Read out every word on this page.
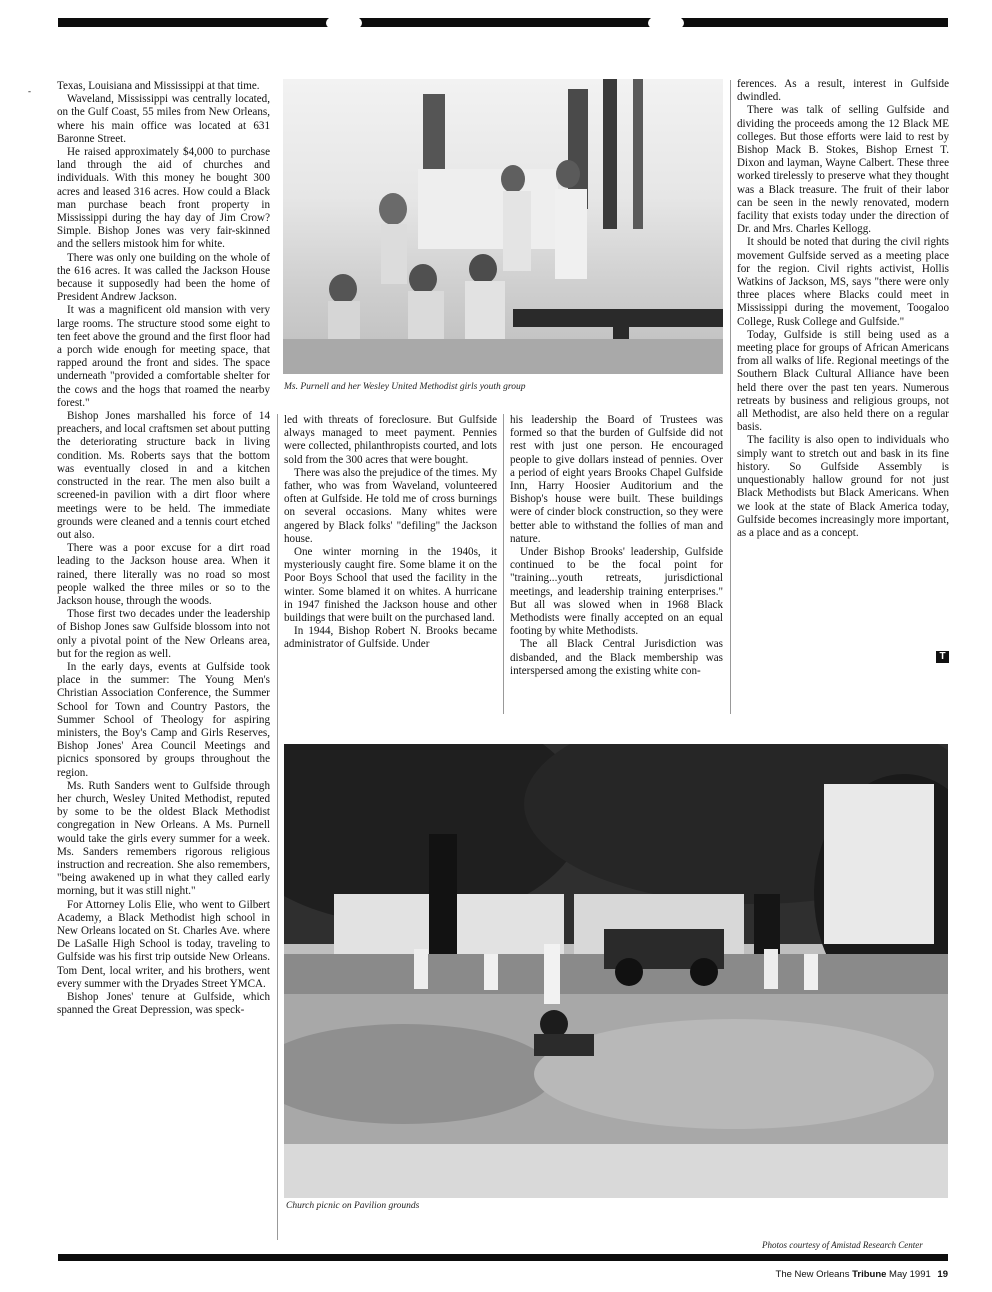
- Texas, Louisiana and Mississippi at that time.

Waveland, Mississippi was centrally located, on the Gulf Coast, 55 miles from New Orleans, where his main office was located at 631 Baronne Street.

He raised approximately $4,000 to purchase land through the aid of churches and individuals. With this money he bought 300 acres and leased 316 acres. How could a Black man purchase beach front property in Mississippi during the hay day of Jim Crow? Simple. Bishop Jones was very fair-skinned and the sellers mistook him for white.

There was only one building on the whole of the 616 acres. It was called the Jackson House because it supposedly had been the home of President Andrew Jackson.

It was a magnificent old mansion with very large rooms. The structure stood some eight to ten feet above the ground and the first floor had a porch wide enough for meeting space, that rapped around the front and sides. The space underneath "provided a comfortable shelter for the cows and the hogs that roamed the nearby forest."

Bishop Jones marshalled his force of 14 preachers, and local craftsmen set about putting the deteriorating structure back in living condition. Ms. Roberts says that the bottom was eventually closed in and a kitchen constructed in the rear. The men also built a screened-in pavilion with a dirt floor where meetings were to be held. The immediate grounds were cleaned and a tennis court etched out also.

There was a poor excuse for a dirt road leading to the Jackson house area. When it rained, there literally was no road so most people walked the three miles or so to the Jackson house, through the woods.

Those first two decades under the leadership of Bishop Jones saw Gulfside blossom into not only a pivotal point of the New Orleans area, but for the region as well.

In the early days, events at Gulfside took place in the summer: The Young Men's Christian Association Conference, the Summer School for Town and Country Pastors, the Summer School of Theology for aspiring ministers, the Boy's Camp and Girls Reserves, Bishop Jones' Area Council Meetings and picnics sponsored by groups throughout the region.

Ms. Ruth Sanders went to Gulfside through her church, Wesley United Methodist, reputed by some to be the oldest Black Methodist congregation in New Orleans. A Ms. Purnell would take the girls every summer for a week. Ms. Sanders remembers rigorous religious instruction and recreation. She also remembers, "being awakened up in what they called early morning, but it was still night."

For Attorney Lolis Elie, who went to Gilbert Academy, a Black Methodist high school in New Orleans located on St. Charles Ave. where De LaSalle High School is today, traveling to Gulfside was his first trip outside New Orleans. Tom Dent, local writer, and his brothers, went every summer with the Dryades Street YMCA.

Bishop Jones' tenure at Gulfside, which spanned the Great Depression, was speck-

Ms. Purnell and her Wesley United Methodist girls youth group

led with threats of foreclosure. But Gulfside always managed to meet payment. Pennies were collected, philanthropists courted, and lots sold from the 300 acres that were bought.

There was also the prejudice of the times. My father, who was from Waveland, volunteered often at Gulfside. He told me of cross burnings on several occasions. Many whites were angered by Black folks' "defiling" the Jackson house.

One winter morning in the 1940s, it mysteriously caught fire. Some blame it on the Poor Boys School that used the facility in the winter. Some blamed it on whites. A hurricane in 1947 finished the Jackson house and other buildings that were built on the purchased land.

In 1944, Bishop Robert N. Brooks became administrator of Gulfside. Under

his leadership the Board of Trustees was formed so that the burden of Gulfside did not rest with just one person. He encouraged people to give dollars instead of pennies. Over a period of eight years Brooks Chapel Gulfside Inn, Harry Hoosier Auditorium and the Bishop's house were built. These buildings were of cinder block construction, so they were better able to withstand the follies of man and nature.

Under Bishop Brooks' leadership, Gulfside continued to be the focal point for "training...youth retreats, jurisdictional meetings, and leadership training enterprises." But all was slowed when in 1968 Black Methodists were finally accepted on an equal footing by white Methodists.

The all Black Central Jurisdiction was disbanded, and the Black membership was interspersed among the existing white con-

ferences. As a result, interest in Gulfside dwindled.

There was talk of selling Gulfside and dividing the proceeds among the 12 Black ME colleges. But those efforts were laid to rest by Bishop Mack B. Stokes, Bishop Ernest T. Dixon and layman, Wayne Calbert. These three worked tirelessly to preserve what they thought was a Black treasure. The fruit of their labor can be seen in the newly renovated, modern facility that exists today under the direction of Dr. and Mrs. Charles Kellogg.

It should be noted that during the civil rights movement Gulfside served as a meeting place for the region. Civil rights activist, Hollis Watkins of Jackson, MS, says "there were only three places where Blacks could meet in Mississippi during the movement, Toogaloo College, Rusk College and Gulfside."

Today, Gulfside is still being used as a meeting place for groups of African Americans from all walks of life. Regional meetings of the Southern Black Cultural Alliance have been held there over the past ten years. Numerous retreats by business and religious groups, not all Methodist, are also held there on a regular basis.

The facility is also open to individuals who simply want to stretch out and bask in its fine history. So Gulfside Assembly is unquestionably hallow ground for not just Black Methodists but Black Americans. When we look at the state of Black America today, Gulfside becomes increasingly more important, as a place and as a concept.

T
Church picnic on Pavilion grounds
Photos courtesy of Amistad Research Center
The New Orleans Tribune May 1991 19
